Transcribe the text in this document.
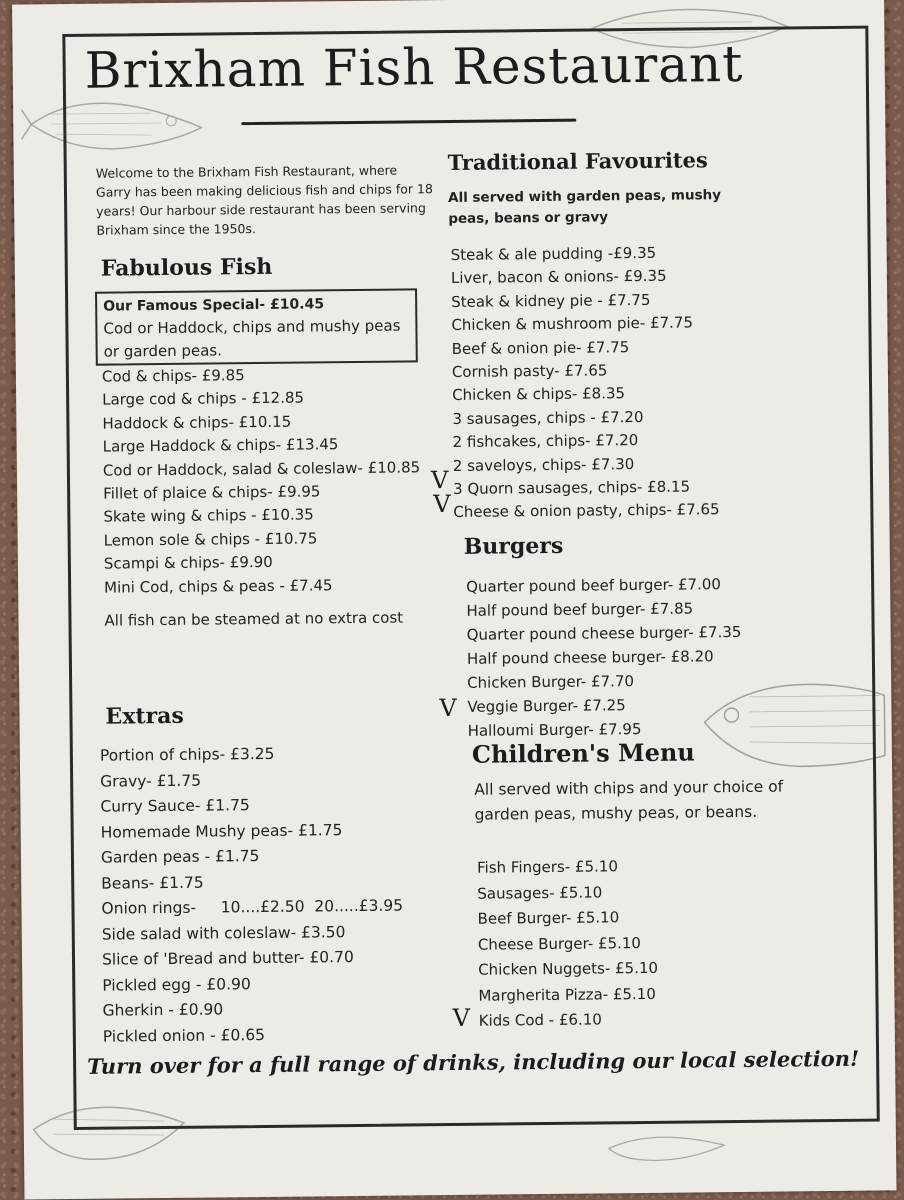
Brixham Fish Restaurant
Welcome to the Brixham Fish Restaurant, where Garry has been making delicious fish and chips for 18 years! Our harbour side restaurant has been serving Brixham since the 1950s.
Fabulous Fish
Our Famous Special- £10.45
Cod or Haddock, chips and mushy peas or garden peas.
Cod & chips- £9.85
Large cod & chips - £12.85
Haddock & chips- £10.15
Large Haddock & chips- £13.45
Cod or Haddock, salad & coleslaw- £10.85
Fillet of plaice & chips- £9.95
Skate wing & chips - £10.35
Lemon sole & chips - £10.75
Scampi & chips- £9.90
Mini Cod, chips & peas - £7.45
All fish can be steamed at no extra cost
Extras
Portion of chips- £3.25
Gravy- £1.75
Curry Sauce- £1.75
Homemade Mushy peas- £1.75
Garden peas - £1.75
Beans- £1.75
Onion rings-     10....£2.50  20.....£3.95
Side salad with coleslaw- £3.50
Slice of 'Bread and butter- £0.70
Pickled egg - £0.90
Gherkin - £0.90
Pickled onion - £0.65
Traditional Favourites
All served with garden peas, mushy peas, beans or gravy
Steak & ale pudding -£9.35
Liver, bacon & onions- £9.35
Steak & kidney pie - £7.75
Chicken & mushroom pie- £7.75
Beef & onion pie- £7.75
Cornish pasty- £7.65
Chicken & chips- £8.35
3 sausages, chips - £7.20
2 fishcakes, chips- £7.20
2 saveloys, chips- £7.30
3 Quorn sausages, chips- £8.15
Cheese & onion pasty, chips- £7.65
Burgers
Quarter pound beef burger- £7.00
Half pound beef burger- £7.85
Quarter pound cheese burger- £7.35
Half pound cheese burger- £8.20
Chicken Burger- £7.70
Veggie Burger- £7.25
Halloumi Burger- £7.95
Children's Menu
All served with chips and your choice of garden peas, mushy peas, or beans.
Fish Fingers- £5.10
Sausages- £5.10
Beef Burger- £5.10
Cheese Burger- £5.10
Chicken Nuggets- £5.10
Margherita Pizza- £5.10
Kids Cod - £6.10
V
V
V
V
Turn over for a full range of drinks, including our local selection!
